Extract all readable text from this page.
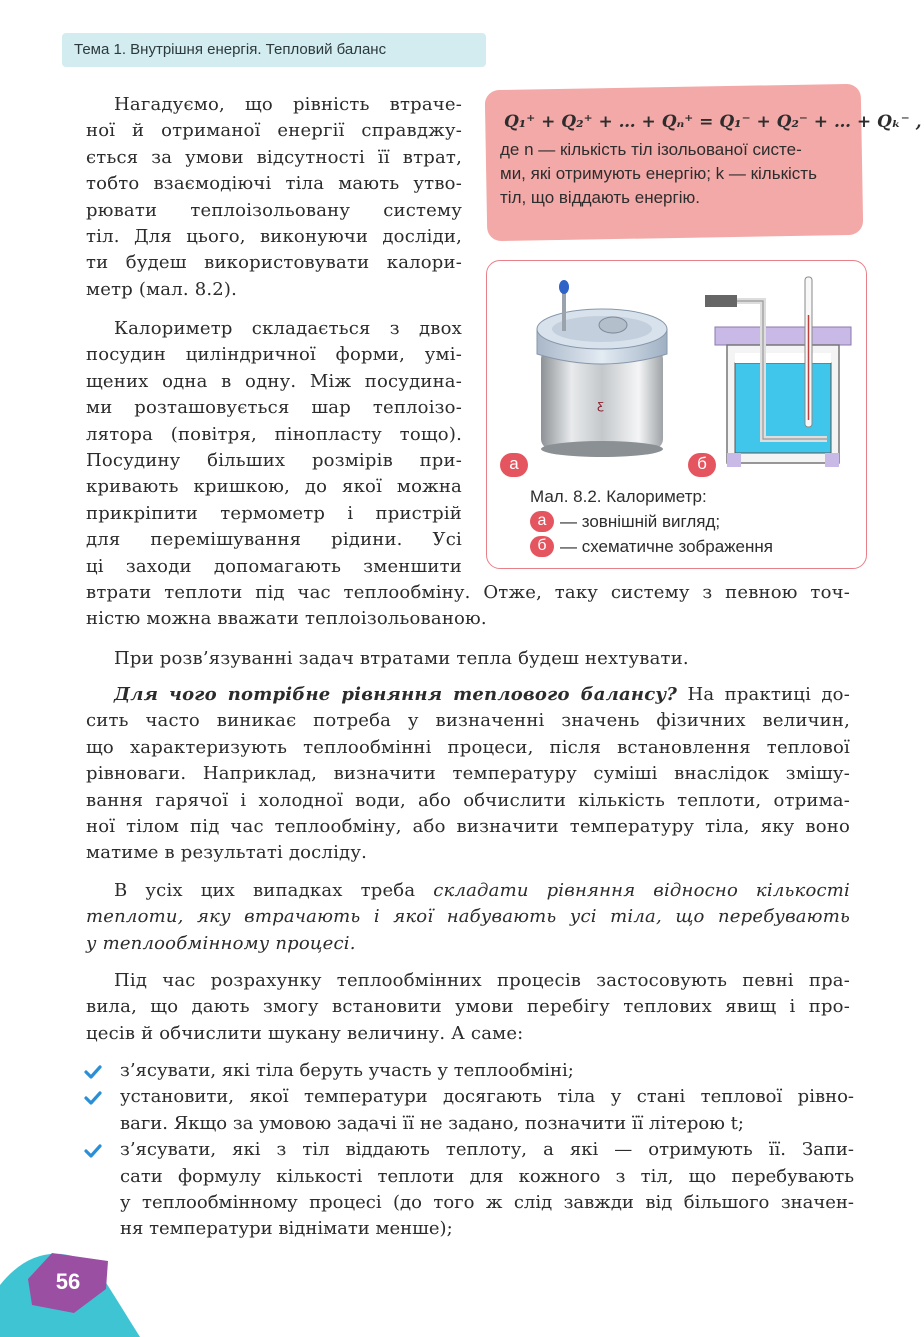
Тема 1. Внутрішня енергія. Тепловий баланс
Нагадуємо, що рівність втраче-
ної й отриманої енергії справджу-
ється за умови відсутності її втрат,
тобто взаємодіючі тіла мають утво-
рювати теплоізольовану систему
тіл. Для цього, виконуючи досліди,
ти будеш використовувати калори-
метр (мал. 8.2).
Q₁⁺ + Q₂⁺ + … + Qₙ⁺ = Q₁⁻ + Q₂⁻ + … + Qₖ⁻ ,
де n — кількість тіл ізольованої систе-
ми, які отримують енергію; k — кількість
тіл, що віддають енергію.
ƹ
а	б
Мал. 8.2. Калориметр:
а — зовнішній вигляд;
б — схематичне зображення
Калориметр складається з двох
посудин циліндричної форми, умі-
щених одна в одну. Між посудина-
ми розташовується шар теплоізо-
лятора (повітря, пінопласту тощо).
Посудину більших розмірів при-
кривають кришкою, до якої можна
прикріпити термометр і пристрій
для перемішування рідини. Усі
ці заходи допомагають зменшити
втрати теплоти під час теплообміну. Отже, таку систему з певною точ-
ністю можна вважати теплоізольованою.
При розв’язуванні задач втратами тепла будеш нехтувати.
Для чого потрібне рівняння теплового балансу? На практиці до-
сить часто виникає потреба у визначенні значень фізичних величин,
що характеризують теплообмінні процеси, після встановлення теплової
рівноваги. Наприклад, визначити температуру суміші внаслідок змішу-
вання гарячої і холодної води, або обчислити кількість теплоти, отрима-
ної тілом під час теплообміну, або визначити температуру тіла, яку воно
матиме в результаті досліду.
В усіх цих випадках треба складати рівняння відносно кількості
теплоти, яку втрачають і якої набувають усі тіла, що перебувають
у теплообмінному процесі.
Під час розрахунку теплообмінних процесів застосовують певні пра-
вила, що дають змогу встановити умови перебігу теплових явищ і про-
цесів й обчислити шукану величину. А саме:
з’ясувати, які тіла беруть участь у теплообміні;
установити, якої температури досягають тіла у стані теплової рівно-
ваги. Якщо за умовою задачі її не задано, позначити її літерою t;
з’ясувати, які з тіл віддають теплоту, а які — отримують її. Запи-
сати формулу кількості теплоти для кожного з тіл, що перебувають
у теплообмінному процесі (до того ж слід завжди від більшого значен-
ня температури віднімати менше);
56
